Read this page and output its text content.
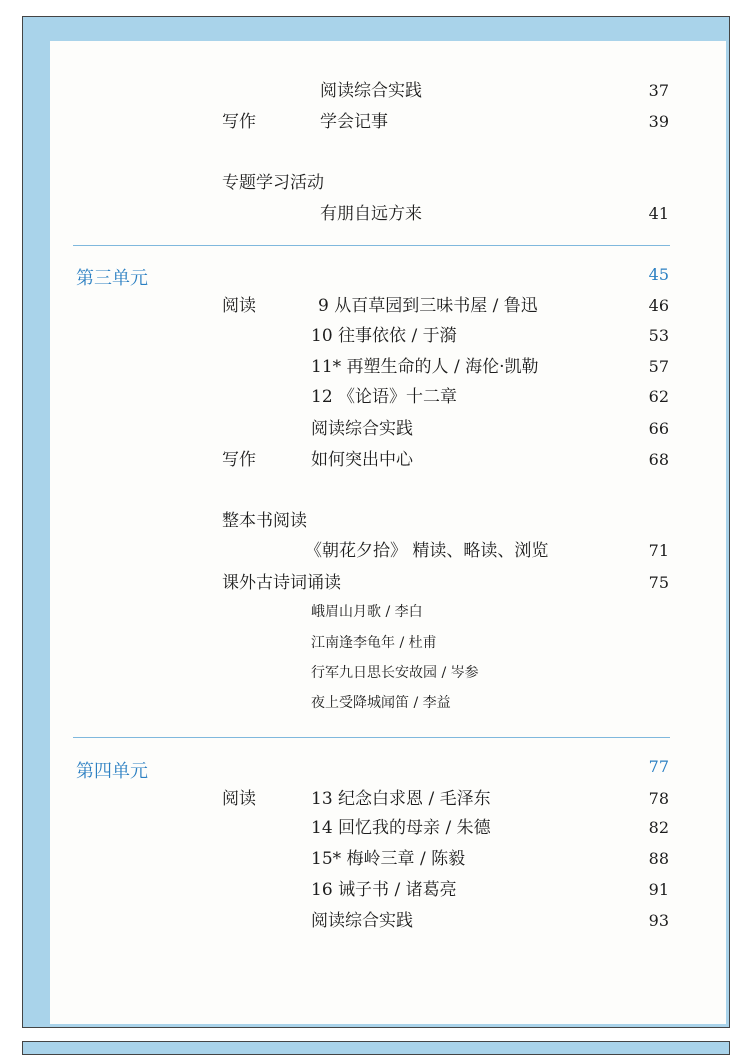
阅读综合实践	37
写作	学会记事	39
专题学习活动
有朋自远方来	41
第三单元	45
阅读	9 从百草园到三味书屋 / 鲁迅	46
10 往事依依 / 于漪	53
11* 再塑生命的人 / 海伦·凯勒	57
12 《论语》十二章	62
阅读综合实践	66
写作	如何突出中心	68
整本书阅读
《朝花夕拾》 精读、略读、浏览	71
课外古诗词诵读	75
峨眉山月歌 / 李白
江南逢李龟年 / 杜甫
行军九日思长安故园 / 岑参
夜上受降城闻笛 / 李益
第四单元	77
阅读	13 纪念白求恩 / 毛泽东	78
14 回忆我的母亲 / 朱德	82
15* 梅岭三章 / 陈毅	88
16 诫子书 / 诸葛亮	91
阅读综合实践	93
